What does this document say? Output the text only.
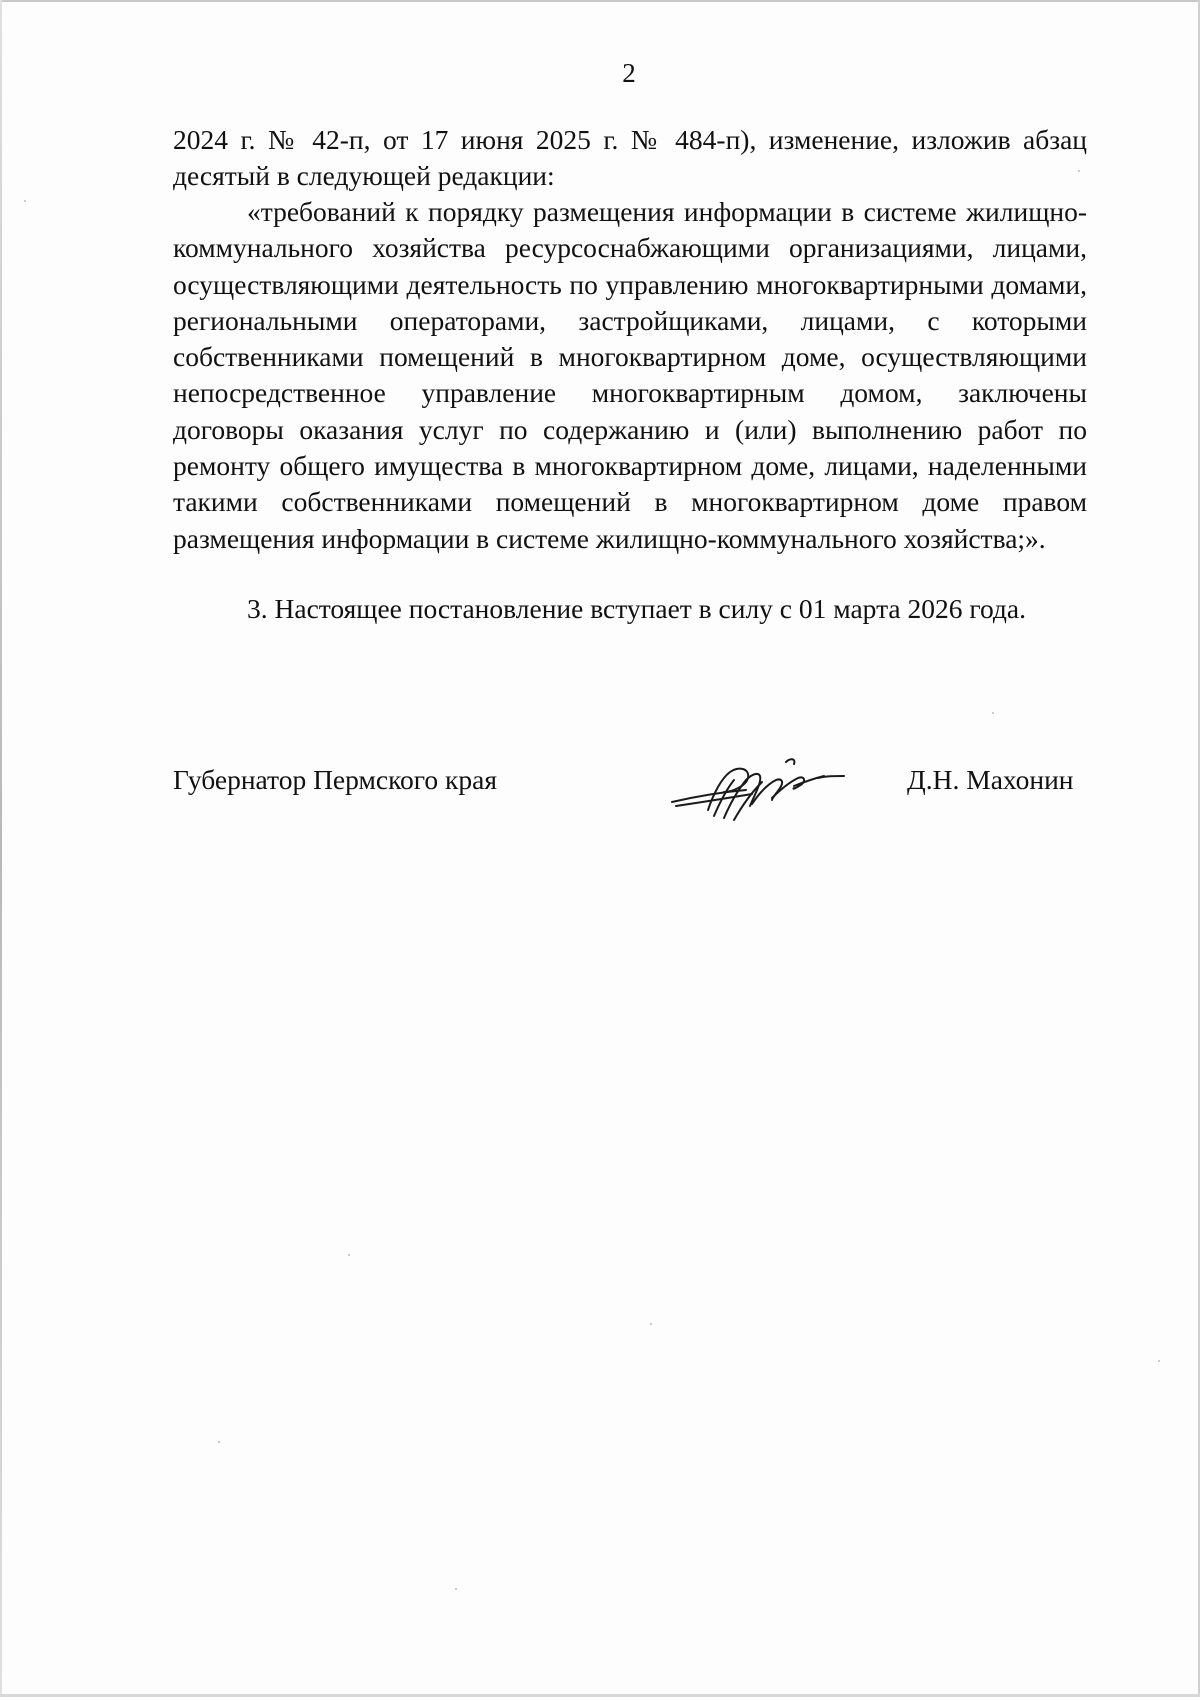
2

2024 г. № 42-п, от 17 июня 2025 г. № 484-п), изменение, изложив абзац десятый в следующей редакции:

«требований к порядку размещения информации в системе жилищно-коммунального хозяйства ресурсоснабжающими организациями, лицами, осуществляющими деятельность по управлению многоквартирными домами, региональными операторами, застройщиками, лицами, с которыми собственниками помещений в многоквартирном доме, осуществляющими непосредственное управление многоквартирным домом, заключены договоры оказания услуг по содержанию и (или) выполнению работ по ремонту общего имущества в многоквартирном доме, лицами, наделенными такими собственниками помещений в многоквартирном доме правом размещения информации в системе жилищно-коммунального хозяйства;».

3. Настоящее постановление вступает в силу с 01 марта 2026 года.

Губернатор Пермского края	Д.Н. Махонин
